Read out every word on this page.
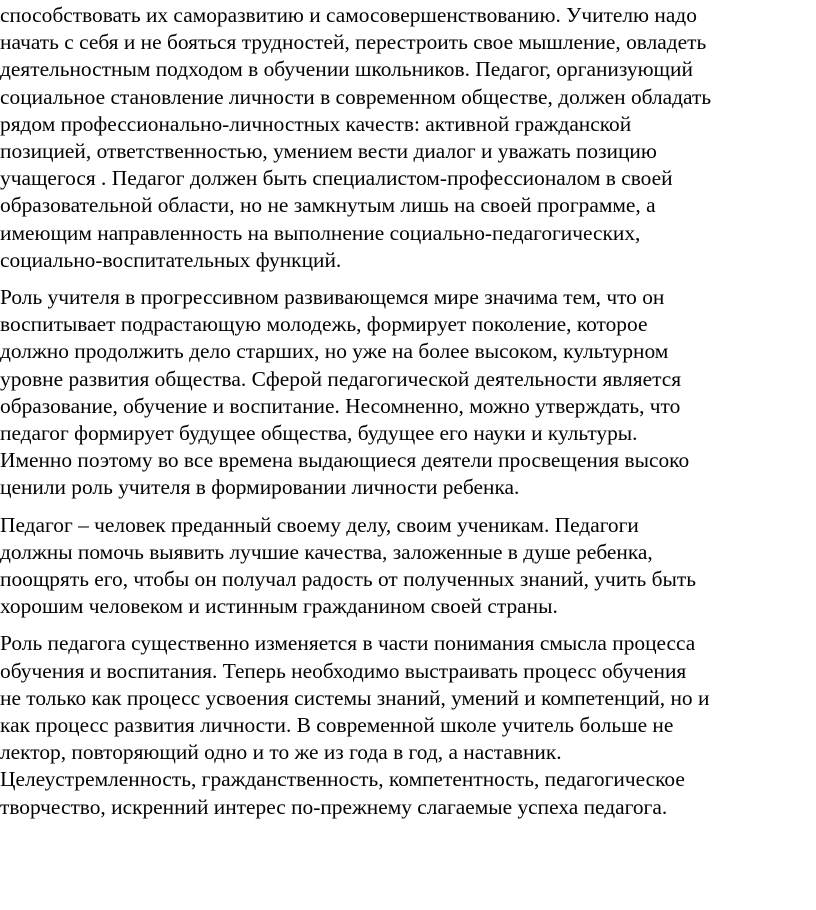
способствовать их саморазвитию и самосовершенствованию. Учителю надо
начать с себя и не бояться трудностей, перестроить свое мышление, овладеть
деятельностным подходом в обучении школьников. Педагог, организующий
социальное становление личности в современном обществе, должен обладать
рядом профессионально-личностных качеств: активной гражданской
позицией, ответственностью, умением вести диалог и уважать позицию
учащегося . Педагог должен быть специалистом-профессионалом в своей
образовательной области, но не замкнутым лишь на своей программе, а
имеющим направленность на выполнение социально-педагогических,
социально-воспитательных функций.

Роль учителя в прогрессивном развивающемся мире значима тем, что он
воспитывает подрастающую молодежь, формирует поколение, которое
должно продолжить дело старших, но уже на более высоком, культурном
уровне развития общества. Сферой педагогической деятельности является
образование, обучение и воспитание. Несомненно, можно утверждать, что
педагог формирует будущее общества, будущее его науки и культуры.
Именно поэтому во все времена выдающиеся деятели просвещения высоко
ценили роль учителя в формировании личности ребенка.

Педагог – человек преданный своему делу, своим ученикам. Педагоги
должны помочь выявить лучшие качества, заложенные в душе ребенка,
поощрять его, чтобы он получал радость от полученных знаний, учить быть
хорошим человеком и истинным гражданином своей страны.

Роль педагога существенно изменяется в части понимания смысла процесса
обучения и воспитания. Теперь необходимо выстраивать процесс обучения
не только как процесс усвоения системы знаний, умений и компетенций, но и
как процесс развития личности. В современной школе учитель больше не
лектор, повторяющий одно и то же из года в год, а наставник.
Целеустремленность, гражданственность, компетентность, педагогическое
творчество, искренний интерес по-прежнему слагаемые успеха педагога.
